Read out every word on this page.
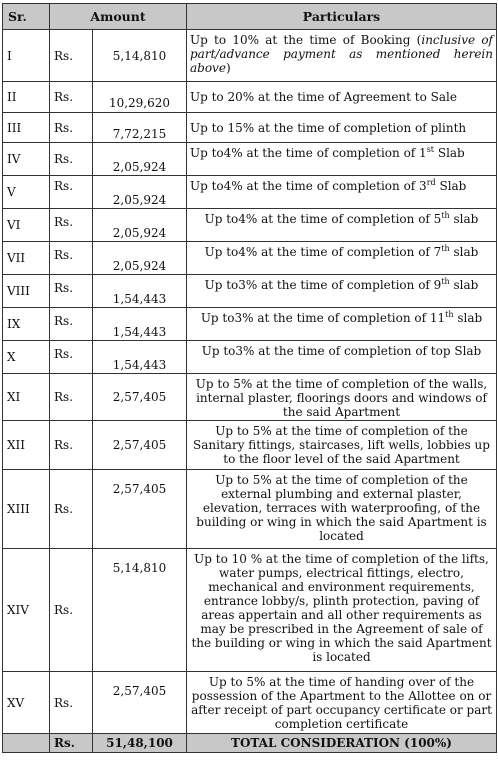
Sr.	Amount		Particulars
I	Rs.	5,14,810	Up to 10% at the time of Booking (inclusive of part/advance payment as mentioned herein above)

II	Rs.	10,29,620	Up to 20% at the time of Agreement to Sale
III	Rs.	7,72,215	Up to 15% at the time of completion of plinth
IV	Rs.	2,05,924	Up to4% at the time of completion of 1st Slab

V	Rs.	2,05,924	Up to4% at the time of completion of 3rd Slab

VI	Rs.	2,05,924	Up to4% at the time of completion of 5th slab

VII	Rs.	2,05,924	Up to4% at the time of completion of 7th slab

VIII	Rs.	1,54,443	Up to3% at the time of completion of 9th slab

IX	Rs.	1,54,443	Up to3% at the time of completion of 11th slab

X	Rs.	1,54,443	Up to3% at the time of completion of top Slab

XI	Rs.	2,57,405	Up to 5% at the time of completion of the walls, internal plaster, floorings doors and windows of the said Apartment

XII	Rs.	2,57,405	Up to 5% at the time of completion of the Sanitary fittings, staircases, lift wells, lobbies up to the floor level of the said Apartment

XIII	Rs.	2,57,405	Up to 5% at the time of completion of the external plumbing and external plaster, elevation, terraces with waterproofing, of the building or wing in which the said Apartment is located

XIV	Rs.	5,14,810	Up to 10 % at the time of completion of the lifts, water pumps, electrical fittings, electro, mechanical and environment requirements, entrance lobby/s, plinth protection, paving of areas appertain and all other requirements as may be prescribed in the Agreement of sale of the building or wing in which the said Apartment is located

XV	Rs.	2,57,405	Up to 5% at the time of handing over of the possession of the Apartment to the Allottee on or after receipt of part occupancy certificate or part completion certificate

	Rs.	51,48,100	TOTAL CONSIDERATION (100%)
